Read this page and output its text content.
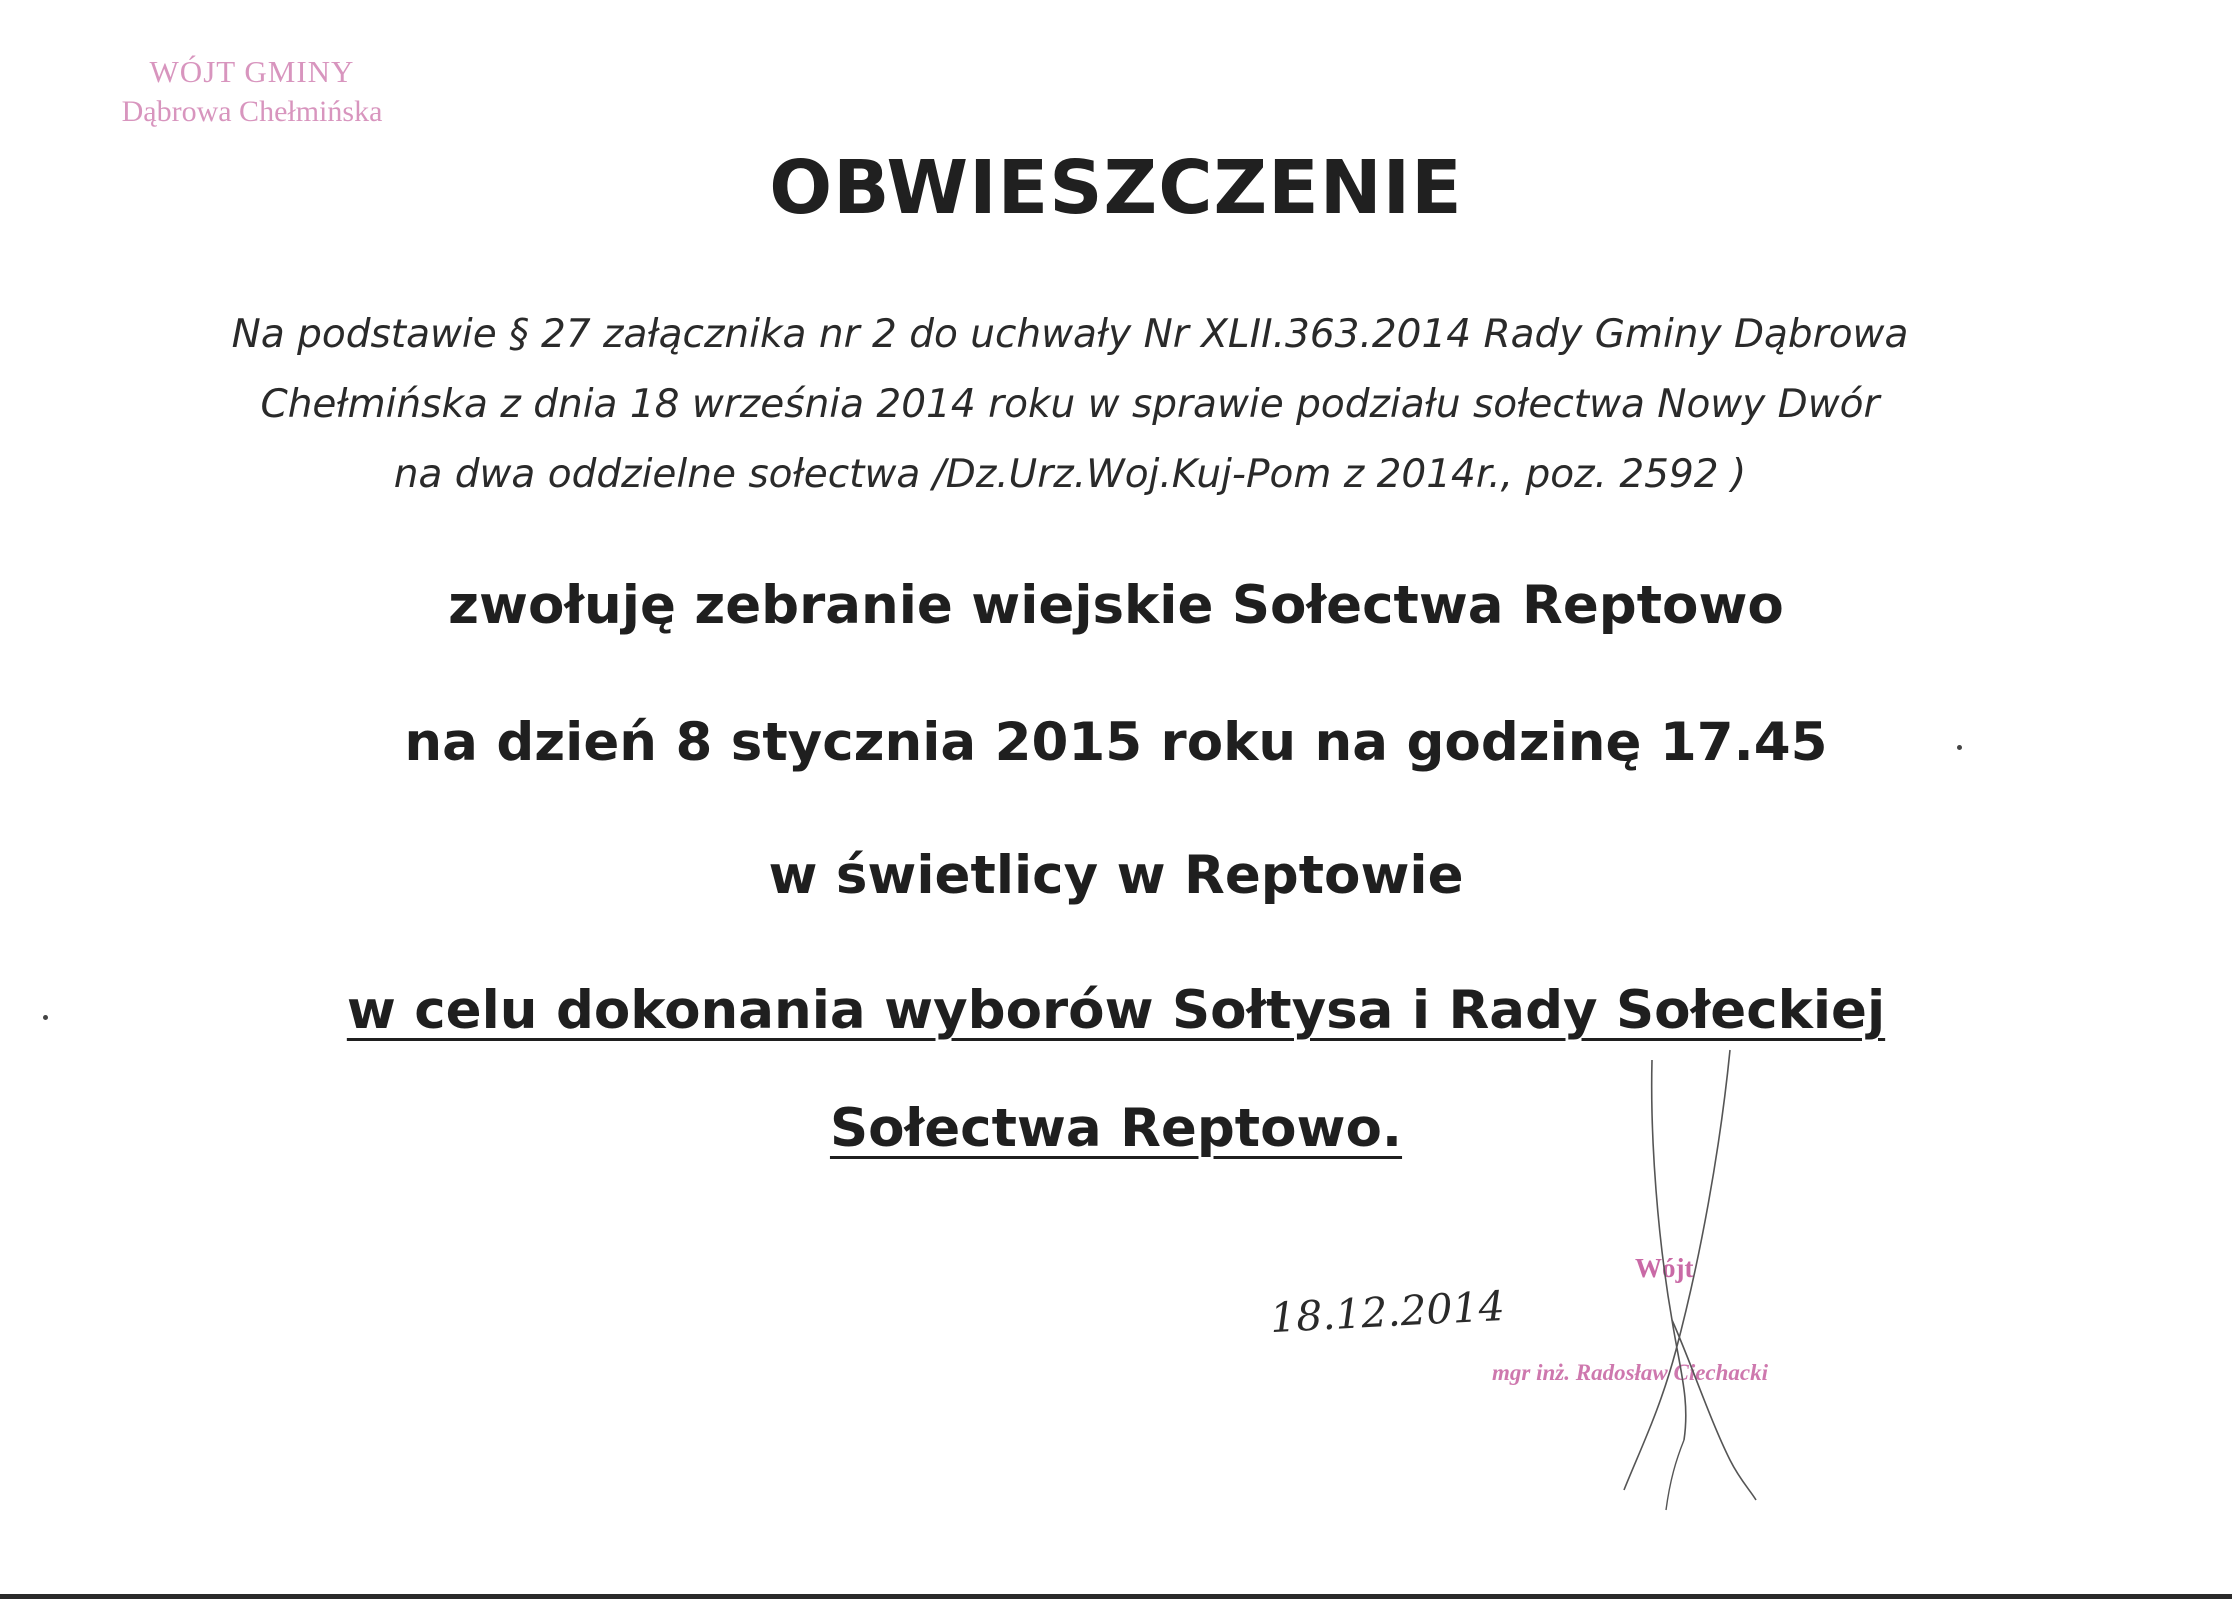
WÓJT GMINY
Dąbrowa Chełmińska
OBWIESZCZENIE
Na podstawie § 27 załącznika nr 2 do uchwały Nr XLII.363.2014 Rady Gminy Dąbrowa
Chełmińska z dnia 18 września 2014 roku w sprawie podziału sołectwa Nowy Dwór
na dwa oddzielne sołectwa /Dz.Urz.Woj.Kuj-Pom z 2014r., poz. 2592 )
zwołuję zebranie wiejskie Sołectwa Reptowo
na dzień 8 stycznia 2015 roku na godzinę 17.45
w świetlicy w Reptowie
w celu dokonania wyborów Sołtysa i Rady Sołeckiej
Sołectwa Reptowo.
18.12.2014
Wójt
mgr inż. Radosław Ciechacki
